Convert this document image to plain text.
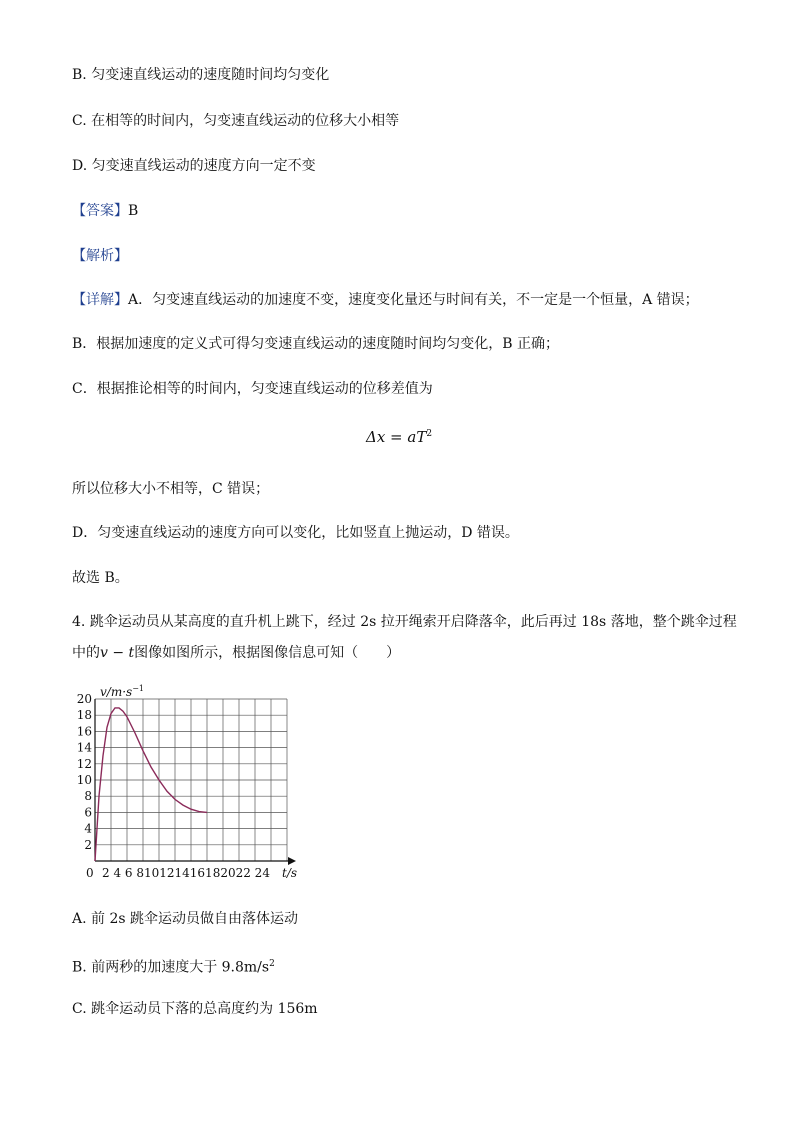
B. 匀变速直线运动的速度随时间均匀变化
C. 在相等的时间内，匀变速直线运动的位移大小相等
D. 匀变速直线运动的速度方向一定不变
【答案】B
【解析】
【详解】A．匀变速直线运动的加速度不变，速度变化量还与时间有关，不一定是一个恒量，A 错误；
B．根据加速度的定义式可得匀变速直线运动的速度随时间均匀变化，B 正确；
C．根据推论相等的时间内，匀变速直线运动的位移差值为
$\Delta x = aT^2$
所以位移大小不相等，C 错误；
D．匀变速直线运动的速度方向可以变化，比如竖直上抛运动，D 错误。
故选 B。
4. 跳伞运动员从某高度的直升机上跳下，经过 2s 拉开绳索开启降落伞，此后再过 18s 落地，整个跳伞过程
中的v − t图像如图所示，根据图像信息可知（　　）
2
4
6
8
10
12
14
16
18
20
2 4 6 810121416182022 24
0
$v/m\cdot s^{-1}$
t/s
A. 前 2s 跳伞运动员做自由落体运动
B. 前两秒的加速度大于 $9.8m/s^2$
C. 跳伞运动员下落的总高度约为 156m
